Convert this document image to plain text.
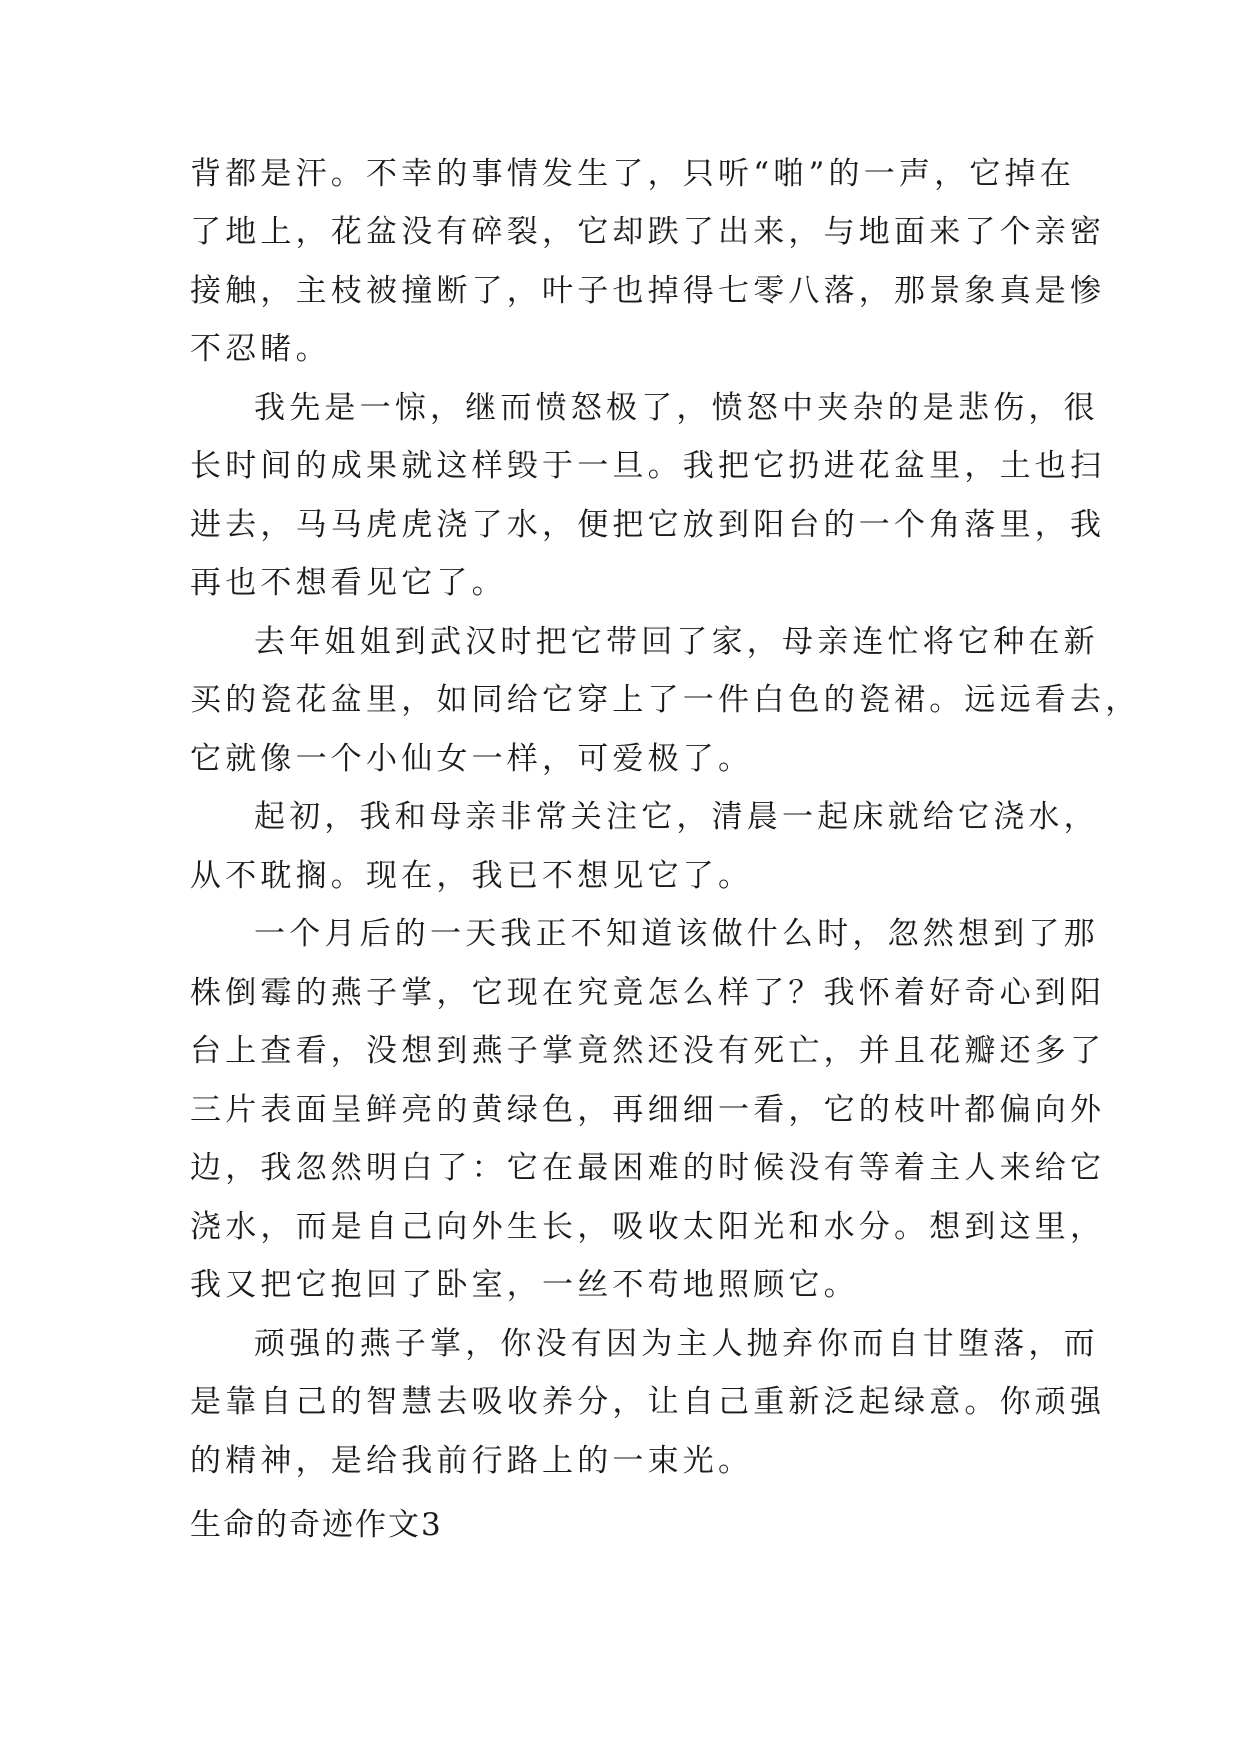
背都是汗。不幸的事情发生了，只听“啪”的一声，它掉在
了地上，花盆没有碎裂，它却跌了出来，与地面来了个亲密
接触，主枝被撞断了，叶子也掉得七零八落，那景象真是惨
不忍睹。
我先是一惊，继而愤怒极了，愤怒中夹杂的是悲伤，很
长时间的成果就这样毁于一旦。我把它扔进花盆里，土也扫
进去，马马虎虎浇了水，便把它放到阳台的一个角落里，我
再也不想看见它了。
去年姐姐到武汉时把它带回了家，母亲连忙将它种在新
买的瓷花盆里，如同给它穿上了一件白色的瓷裙。远远看去，
它就像一个小仙女一样，可爱极了。
起初，我和母亲非常关注它，清晨一起床就给它浇水，
从不耽搁。现在，我已不想见它了。
一个月后的一天我正不知道该做什么时，忽然想到了那
株倒霉的燕子掌，它现在究竟怎么样了？我怀着好奇心到阳
台上查看，没想到燕子掌竟然还没有死亡，并且花瓣还多了
三片表面呈鲜亮的黄绿色，再细细一看，它的枝叶都偏向外
边，我忽然明白了：它在最困难的时候没有等着主人来给它
浇水，而是自己向外生长，吸收太阳光和水分。想到这里，
我又把它抱回了卧室，一丝不苟地照顾它。
顽强的燕子掌，你没有因为主人抛弃你而自甘堕落，而
是靠自己的智慧去吸收养分，让自己重新泛起绿意。你顽强
的精神，是给我前行路上的一束光。
生命的奇迹作文3
